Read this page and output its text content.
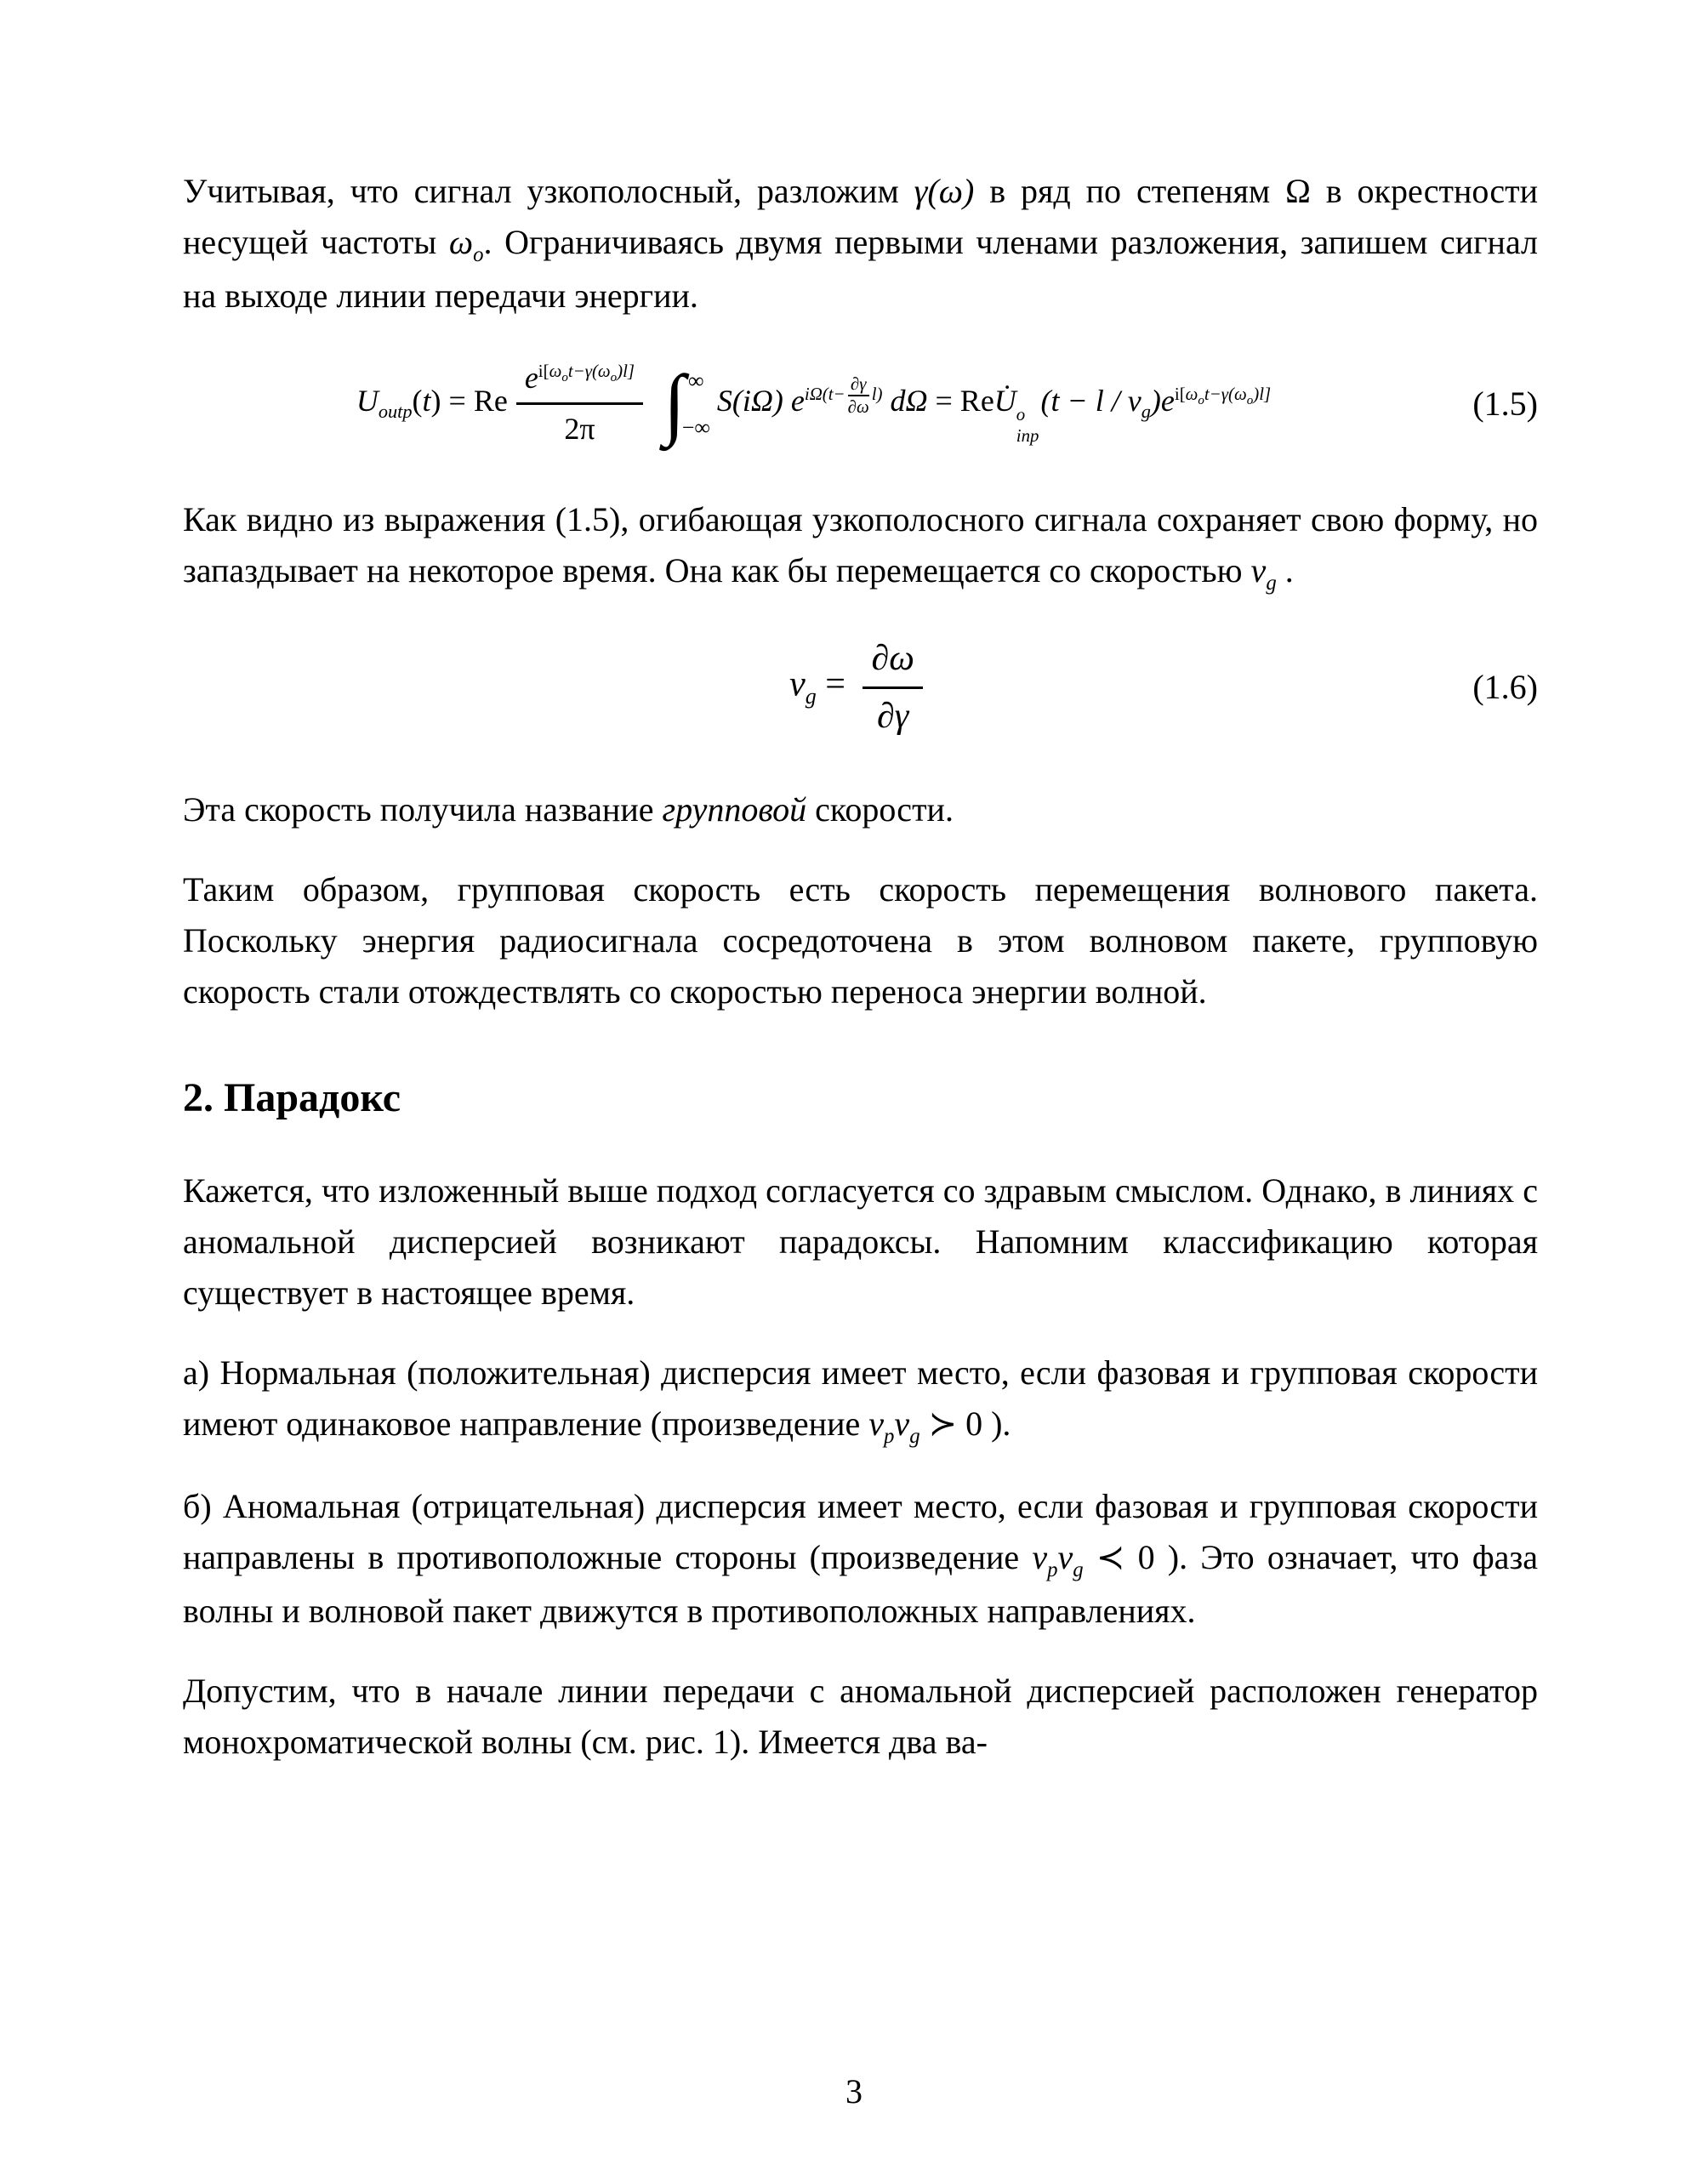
Учитывая, что сигнал узкополосный, разложим γ(ω) в ряд по степеням Ω в окрестности несущей частоты $\omega_o$. Ограничиваясь двумя первыми членами разложения, запишем сигнал на выходе линии передачи энергии.

$U_{outp}(t) = Re \frac{e^{i[\omega_ot-\gamma(\omega_o)l]}}{2\pi}$ ∫ ∞
−∞
S(iΩ) $e^{i\Omega(t- \frac{\partial\gamma}{\partial\omega} l)}$ dΩ = ReU̇ o
inp
$(t - l / v_g)e^{i[\omega_ot-\gamma(\omega_o)l]}$	(1.5)

Как видно из выражения (1.5), огибающая узкополосного сигнала сохраняет свою форму, но запаздывает на некоторое время. Она как бы перемещается со скоростью $v_g$ .

$v_g = \frac{\partial\omega}{\partial\gamma}$	(1.6)

Эта скорость получила название групповой скорости.

Таким образом, групповая скорость есть скорость перемещения волнового пакета. Поскольку энергия радиосигнала сосредоточена в этом волновом пакете, групповую скорость стали отождествлять со скоростью переноса энергии волной.

2. Парадокс

Кажется, что изложенный выше подход согласуется со здравым смыслом. Однако, в линиях с аномальной дисперсией возникают парадоксы. Напомним классификацию которая существует в настоящее время.

а) Нормальная (положительная) дисперсия имеет место, если фазовая и групповая скорости имеют одинаковое направление (произведение $v_pv_g$ ≻ 0 ).

б) Аномальная (отрицательная) дисперсия имеет место, если фазовая и групповая скорости направлены в противоположные стороны (произведение $v_pv_g$ ≺ 0 ). Это означает, что фаза волны и волновой пакет движутся в противоположных направлениях.

Допустим, что в начале линии передачи с аномальной дисперсией расположен генератор монохроматической волны (см. рис. 1). Имеется два ва-

3
